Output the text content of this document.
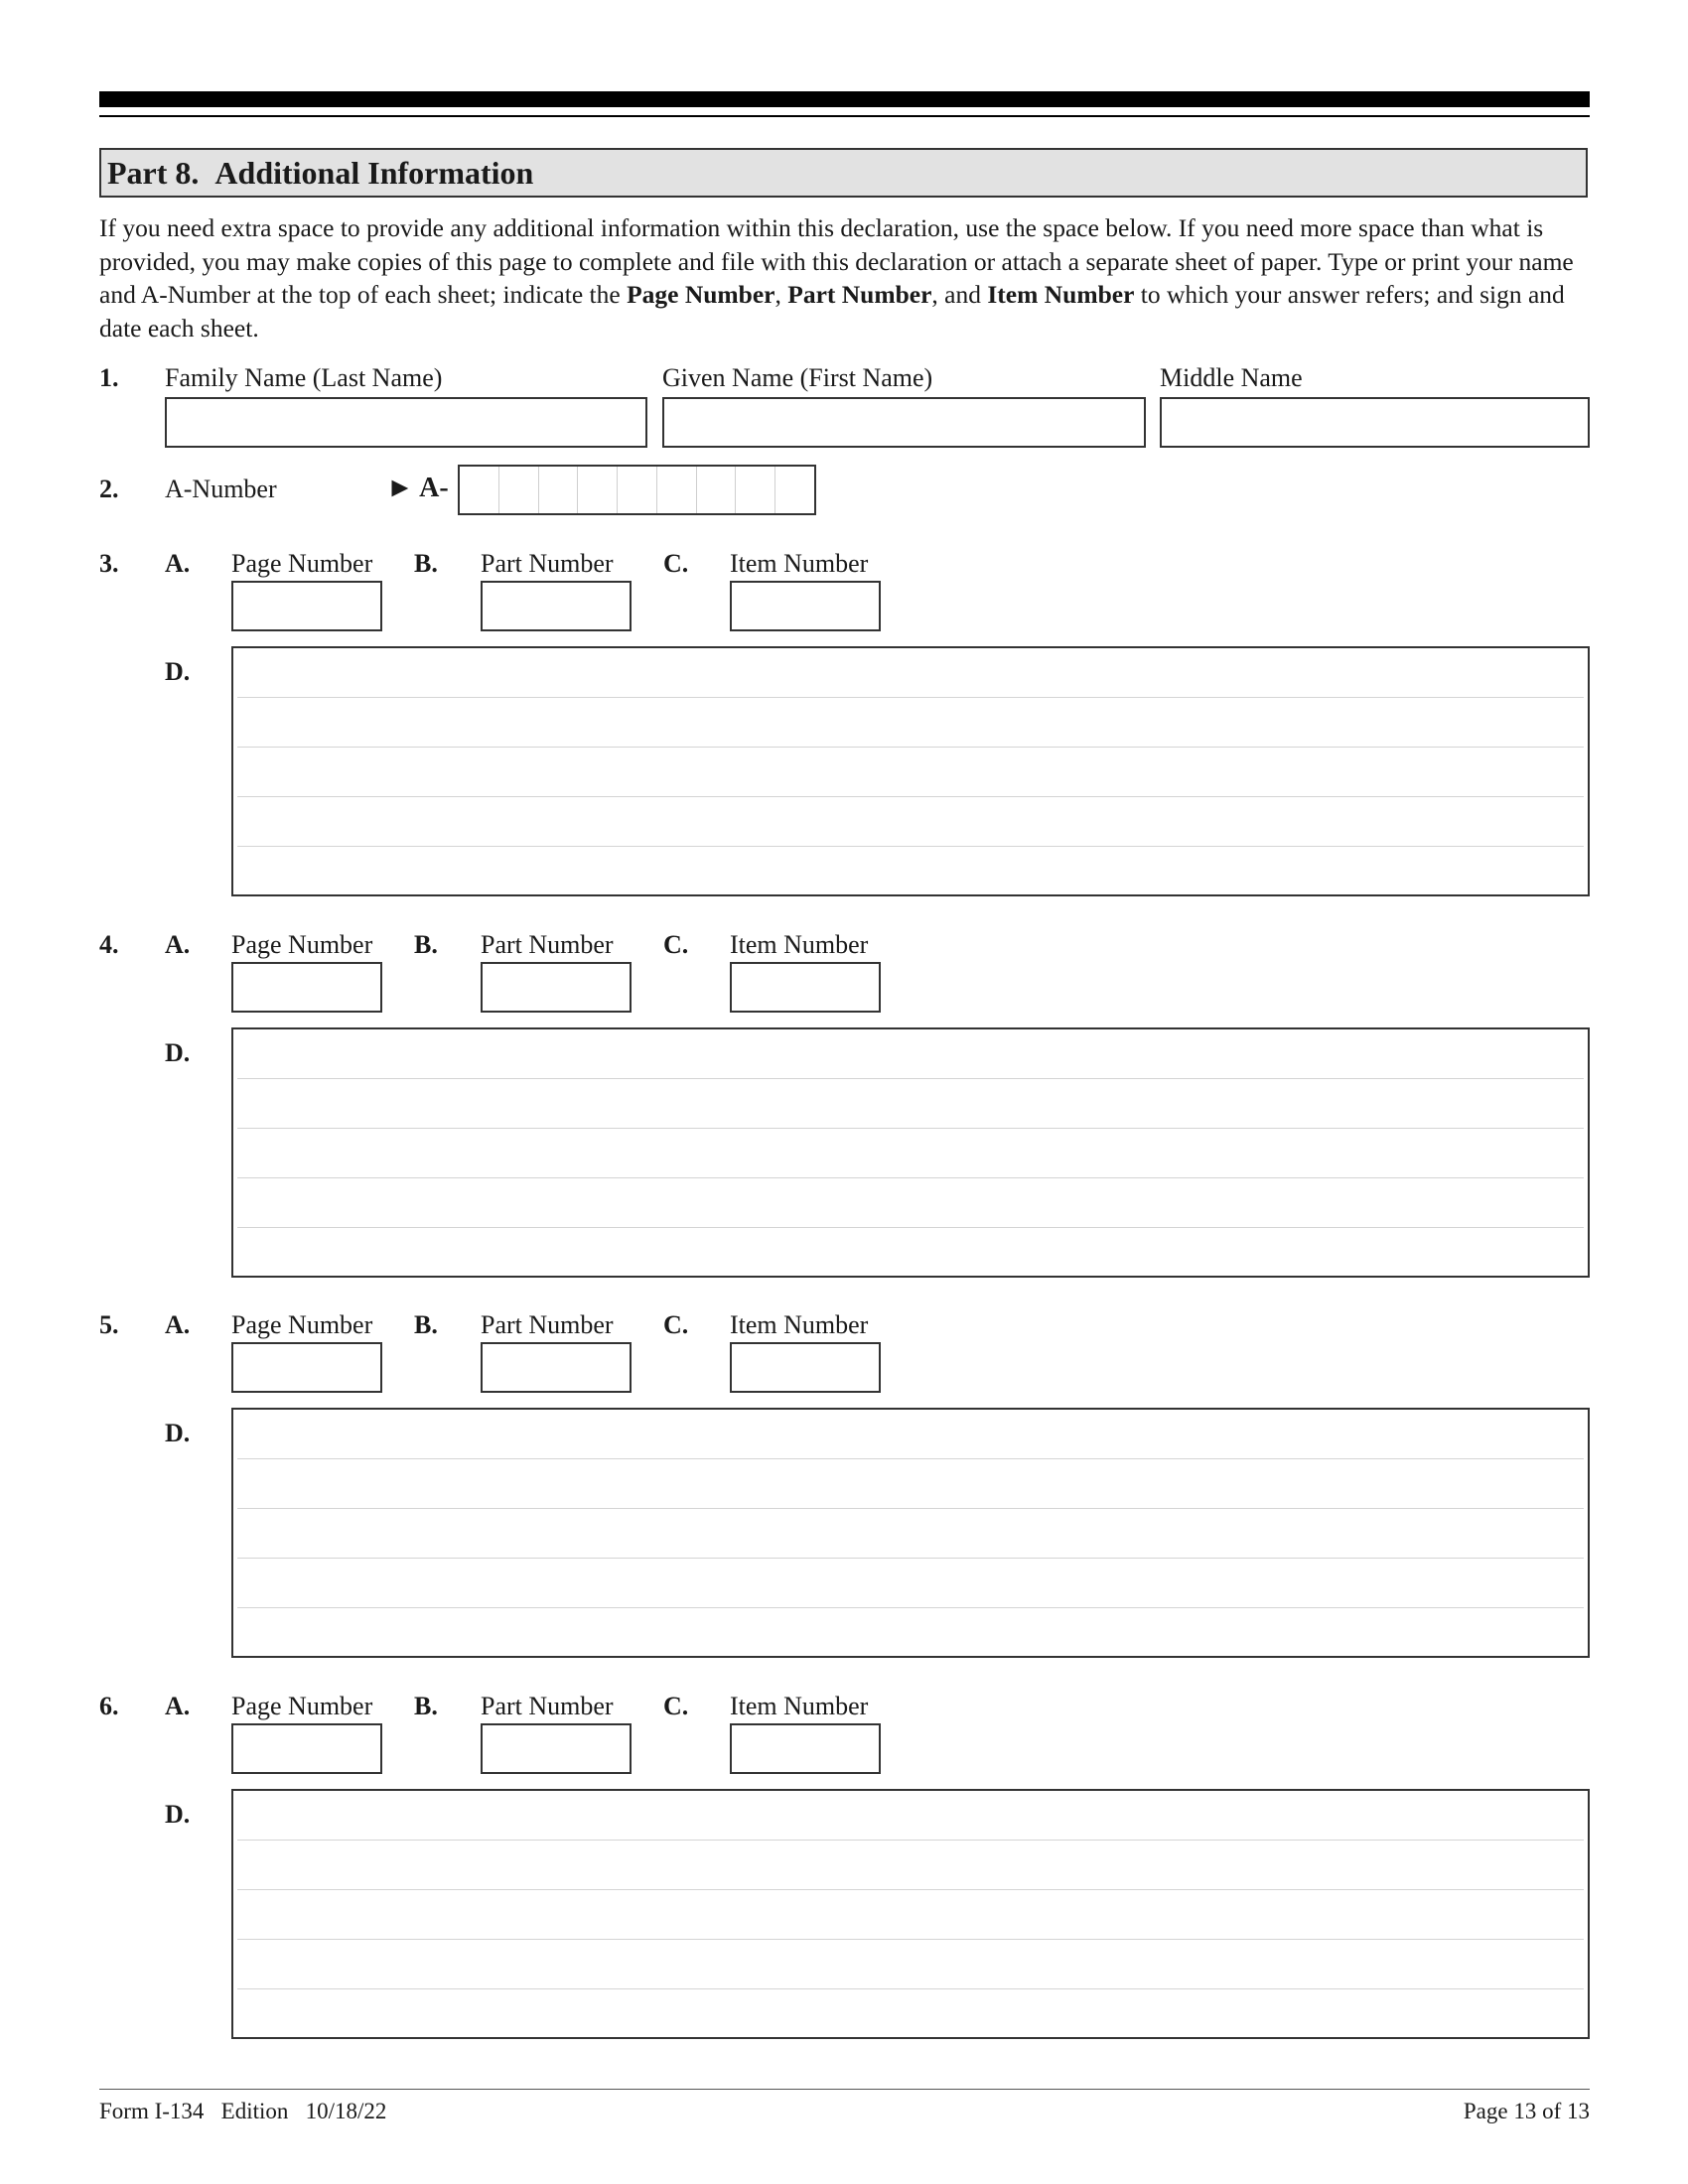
Part 8. Additional Information

If you need extra space to provide any additional information within this declaration, use the space below. If you need more space than what is provided, you may make copies of this page to complete and file with this declaration or attach a separate sheet of paper. Type or print your name and A-Number at the top of each sheet; indicate the Page Number, Part Number, and Item Number to which your answer refers; and sign and date each sheet.

1. Family Name (Last Name)	Given Name (First Name)	Middle Name
2. A-Number	► A-
3. A. Page Number B. Part Number C. Item Number
D.
4. A. Page Number B. Part Number C. Item Number
D.
5. A. Page Number B. Part Number C. Item Number
D.
6. A. Page Number B. Part Number C. Item Number
D.
Form I-134 Edition 10/18/22	Page 13 of 13
